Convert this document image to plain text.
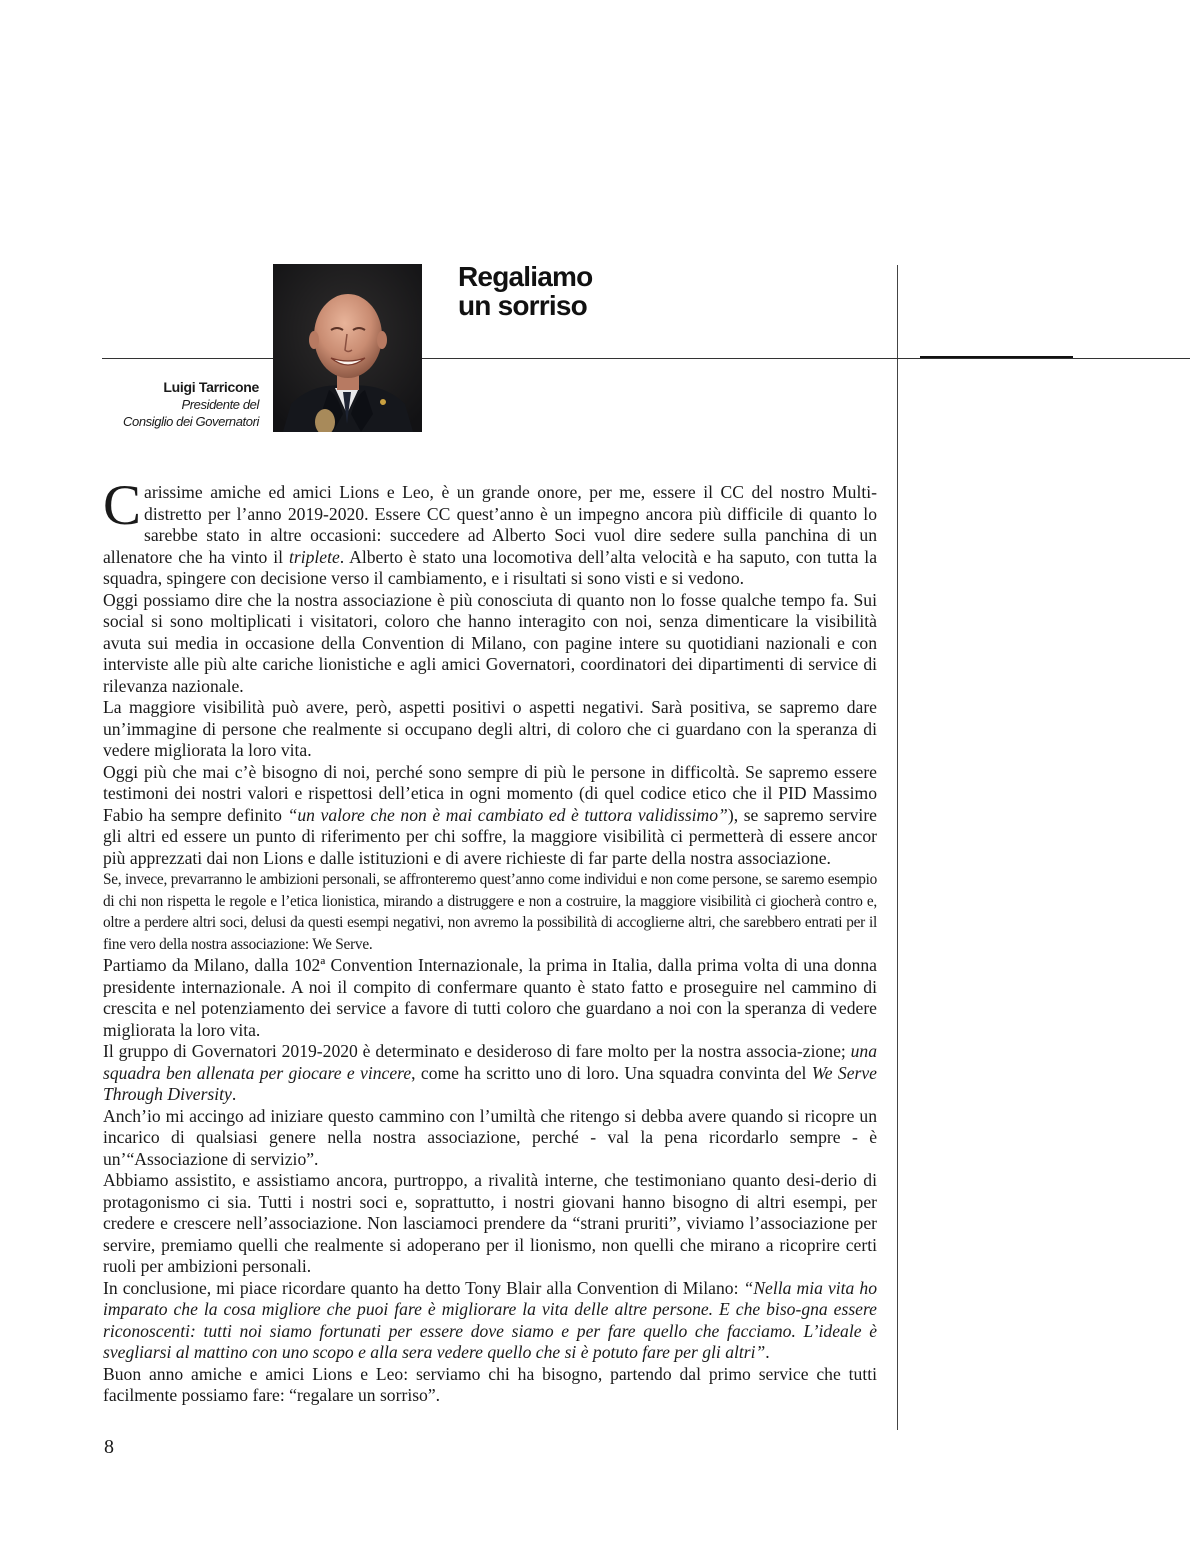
Regaliamo
un sorriso
Luigi Tarricone
Presidente del
Consiglio dei Governatori

Carissime amiche ed amici Lions e Leo, è un grande onore, per me, essere il CC del nostro Multi-distretto per l’anno 2019-2020. Essere CC quest’anno è un impegno ancora più difficile di quanto lo sarebbe stato in altre occasioni: succedere ad Alberto Soci vuol dire sedere sulla panchina di un allenatore che ha vinto il triplete. Alberto è stato una locomotiva dell’alta velocità e ha saputo, con tutta la squadra, spingere con decisione verso il cambiamento, e i risultati si sono visti e si vedono.

Oggi possiamo dire che la nostra associazione è più conosciuta di quanto non lo fosse qualche tempo fa. Sui social si sono moltiplicati i visitatori, coloro che hanno interagito con noi, senza dimenticare la visibilità avuta sui media in occasione della Convention di Milano, con pagine intere su quotidiani nazionali e con interviste alle più alte cariche lionistiche e agli amici Governatori, coordinatori dei dipartimenti di service di rilevanza nazionale.

La maggiore visibilità può avere, però, aspetti positivi o aspetti negativi. Sarà positiva, se sapremo dare un’immagine di persone che realmente si occupano degli altri, di coloro che ci guardano con la speranza di vedere migliorata la loro vita.

Oggi più che mai c’è bisogno di noi, perché sono sempre di più le persone in difficoltà. Se sapremo essere testimoni dei nostri valori e rispettosi dell’etica in ogni momento (di quel codice etico che il PID Massimo Fabio ha sempre definito “un valore che non è mai cambiato ed è tuttora validissimo”), se sapremo servire gli altri ed essere un punto di riferimento per chi soffre, la maggiore visibilità ci permetterà di essere ancor più apprezzati dai non Lions e dalle istituzioni e di avere richieste di far parte della nostra associazione.

Se, invece, prevarranno le ambizioni personali, se affronteremo quest’anno come individui e non come persone, se saremo esempio di chi non rispetta le regole e l’etica lionistica, mirando a distruggere e non a costruire, la maggiore visibilità ci giocherà contro e, oltre a perdere altri soci, delusi da questi esempi negativi, non avremo la possibilità di accoglierne altri, che sarebbero entrati per il fine vero della nostra associazione: We Serve.

Partiamo da Milano, dalla 102ª Convention Internazionale, la prima in Italia, dalla prima volta di una donna presidente internazionale. A noi il compito di confermare quanto è stato fatto e proseguire nel cammino di crescita e nel potenziamento dei service a favore di tutti coloro che guardano a noi con la speranza di vedere migliorata la loro vita.

Il gruppo di Governatori 2019-2020 è determinato e desideroso di fare molto per la nostra associa-zione; una squadra ben allenata per giocare e vincere, come ha scritto uno di loro. Una squadra convinta del We Serve Through Diversity.

Anch’io mi accingo ad iniziare questo cammino con l’umiltà che ritengo si debba avere quando si ricopre un incarico di qualsiasi genere nella nostra associazione, perché - val la pena ricordarlo sempre - è un’“Associazione di servizio”.

Abbiamo assistito, e assistiamo ancora, purtroppo, a rivalità interne, che testimoniano quanto desi-derio di protagonismo ci sia. Tutti i nostri soci e, soprattutto, i nostri giovani hanno bisogno di altri esempi, per credere e crescere nell’associazione. Non lasciamoci prendere da “strani pruriti”, viviamo l’associazione per servire, premiamo quelli che realmente si adoperano per il lionismo, non quelli che mirano a ricoprire certi ruoli per ambizioni personali.

In conclusione, mi piace ricordare quanto ha detto Tony Blair alla Convention di Milano: “Nella mia vita ho imparato che la cosa migliore che puoi fare è migliorare la vita delle altre persone. E che biso-gna essere riconoscenti: tutti noi siamo fortunati per essere dove siamo e per fare quello che facciamo. L’ideale è svegliarsi al mattino con uno scopo e alla sera vedere quello che si è potuto fare per gli altri”.

Buon anno amiche e amici Lions e Leo: serviamo chi ha bisogno, partendo dal primo service che tutti facilmente possiamo fare: “regalare un sorriso”.

8
